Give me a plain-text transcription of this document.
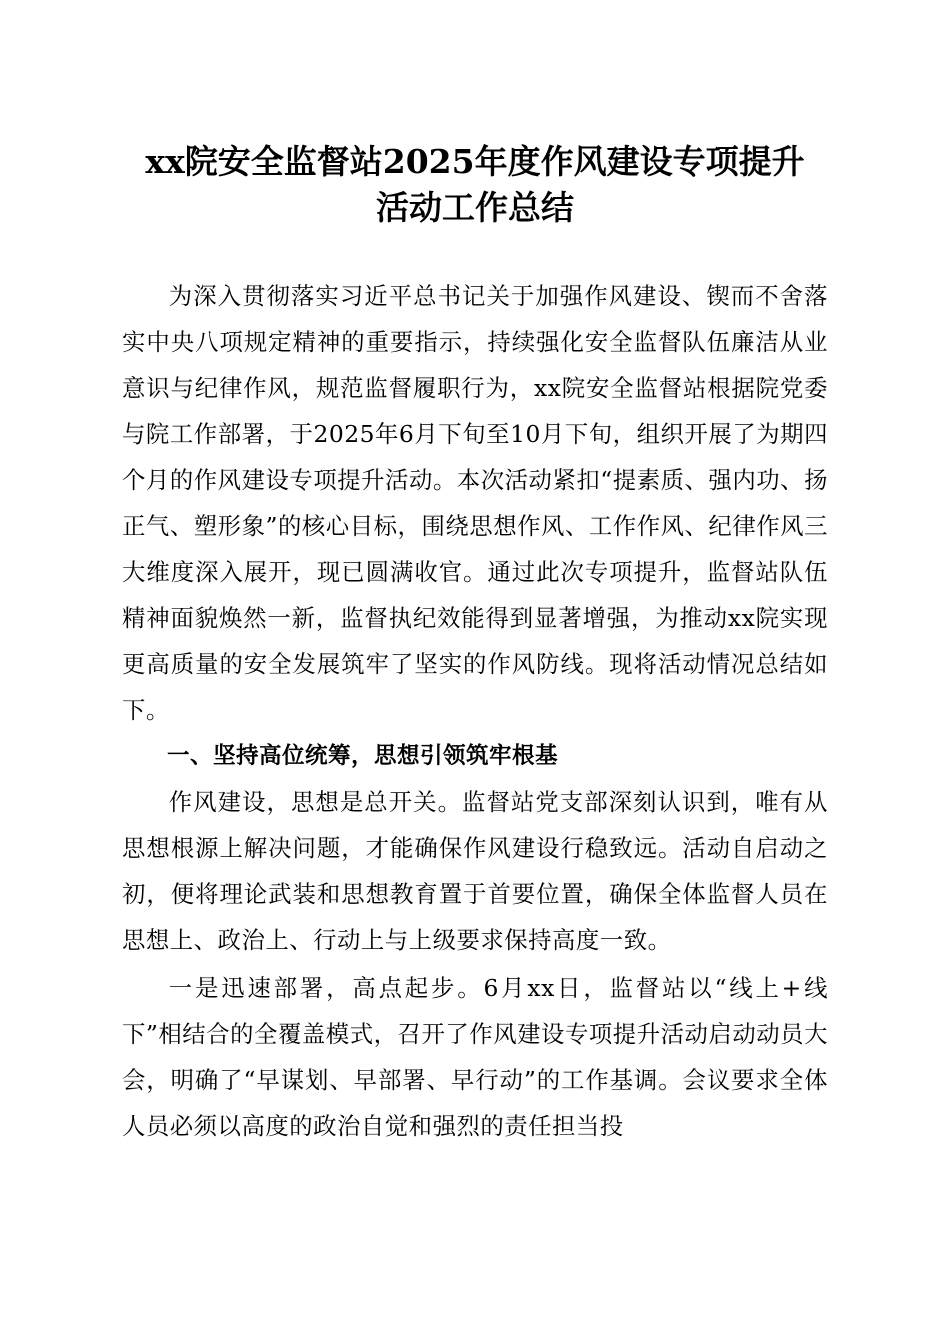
xx院安全监督站2025年度作风建设专项提升
活动工作总结

为深入贯彻落实习近平总书记关于加强作风建设、锲而不舍落实中央八项规定精神的重要指示，持续强化安全监督队伍廉洁从业意识与纪律作风，规范监督履职行为，xx院安全监督站根据院党委与院工作部署，于2025年6月下旬至10月下旬，组织开展了为期四个月的作风建设专项提升活动。本次活动紧扣“提素质、强内功、扬正气、塑形象”的核心目标，围绕思想作风、工作作风、纪律作风三大维度深入展开，现已圆满收官。通过此次专项提升，监督站队伍精神面貌焕然一新，监督执纪效能得到显著增强，为推动xx院实现更高质量的安全发展筑牢了坚实的作风防线。现将活动情况总结如下。

一、坚持高位统筹，思想引领筑牢根基

作风建设，思想是总开关。监督站党支部深刻认识到，唯有从思想根源上解决问题，才能确保作风建设行稳致远。活动自启动之初，便将理论武装和思想教育置于首要位置，确保全体监督人员在思想上、政治上、行动上与上级要求保持高度一致。

一是迅速部署，高点起步。6月xx日，监督站以“线上+线下”相结合的全覆盖模式，召开了作风建设专项提升活动启动动员大会，明确了“早谋划、早部署、早行动”的工作基调。会议要求全体人员必须以高度的政治自觉和强烈的责任担当投
